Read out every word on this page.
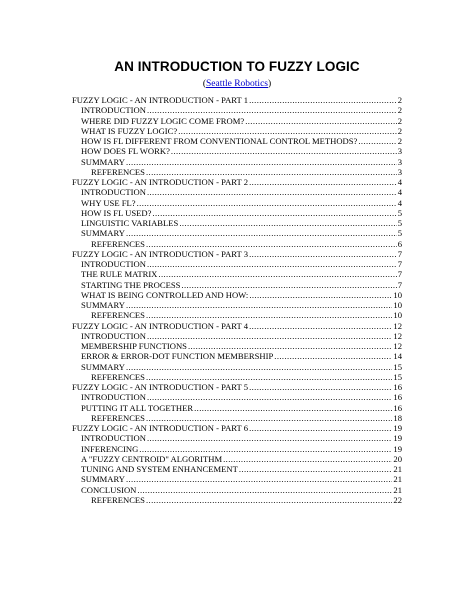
AN INTRODUCTION TO FUZZY LOGIC
(Seattle Robotics)
FUZZY LOGIC - AN INTRODUCTION - PART 1 .....	2
INTRODUCTION .....	2
WHERE DID FUZZY LOGIC COME FROM? .....	2
WHAT IS FUZZY LOGIC? .....	2
HOW IS FL DIFFERENT FROM CONVENTIONAL CONTROL METHODS? .....	2
HOW DOES FL WORK? .....	3
SUMMARY .....	3
REFERENCES .....	3
FUZZY LOGIC - AN INTRODUCTION - PART 2 .....	4
INTRODUCTION .....	4
WHY USE FL? .....	4
HOW IS FL USED? .....	5
LINGUISTIC VARIABLES .....	5
SUMMARY .....	5
REFERENCES .....	6
FUZZY LOGIC - AN INTRODUCTION - PART 3 .....	7
INTRODUCTION .....	7
THE RULE MATRIX .....	7
STARTING THE PROCESS .....	7
WHAT IS BEING CONTROLLED AND HOW: .....	10
SUMMARY .....	10
REFERENCES .....	10
FUZZY LOGIC - AN INTRODUCTION - PART 4 .....	12
INTRODUCTION .....	12
MEMBERSHIP FUNCTIONS .....	12
ERROR & ERROR-DOT FUNCTION MEMBERSHIP .....	14
SUMMARY .....	15
REFERENCES .....	15
FUZZY LOGIC - AN INTRODUCTION - PART 5 .....	16
INTRODUCTION .....	16
PUTTING IT ALL TOGETHER .....	16
REFERENCES .....	18
FUZZY LOGIC - AN INTRODUCTION - PART 6 .....	19
INTRODUCTION .....	19
INFERENCING .....	19
A "FUZZY CENTROID" ALGORITHM .....	20
TUNING AND SYSTEM ENHANCEMENT .....	21
SUMMARY .....	21
CONCLUSION .....	21
REFERENCES .....	22
